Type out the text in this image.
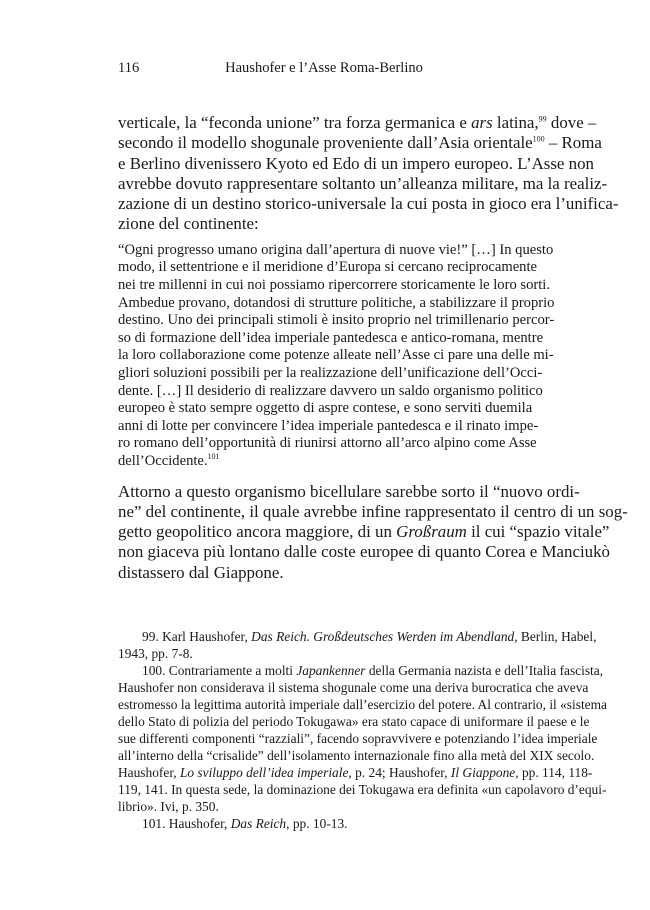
116	Haushofer e l’Asse Roma-Berlino
verticale, la “feconda unione” tra forza germanica e ars latina,$^{99}$ dove –
secondo il modello shogunale proveniente dall’Asia orientale$^{100}$ – Roma
e Berlino divenissero Kyoto ed Edo di un impero europeo. L’Asse non
avrebbe dovuto rappresentare soltanto un’alleanza militare, ma la realiz-
zazione di un destino storico-universale la cui posta in gioco era l’unifica-
zione del continente:
“Ogni progresso umano origina dall’apertura di nuove vie!” […] In questo
modo, il settentrione e il meridione d’Europa si cercano reciprocamente
nei tre millenni in cui noi possiamo ripercorrere storicamente le loro sorti.
Ambedue provano, dotandosi di strutture politiche, a stabilizzare il proprio
destino. Uno dei principali stimoli è insito proprio nel trimillenario percor-
so di formazione dell’idea imperiale pantedesca e antico-romana, mentre
la loro collaborazione come potenze alleate nell’Asse ci pare una delle mi-
gliori soluzioni possibili per la realizzazione dell’unificazione dell’Occi-
dente. […] Il desiderio di realizzare davvero un saldo organismo politico
europeo è stato sempre oggetto di aspre contese, e sono serviti duemila
anni di lotte per convincere l’idea imperiale pantedesca e il rinato impe-
ro romano dell’opportunità di riunirsi attorno all’arco alpino come Asse
dell’Occidente.$^{101}$
Attorno a questo organismo bicellulare sarebbe sorto il “nuovo ordi-
ne” del continente, il quale avrebbe infine rappresentato il centro di un sog-
getto geopolitico ancora maggiore, di un Großraum il cui “spazio vitale”
non giaceva più lontano dalle coste europee di quanto Corea e Manciukò
distassero dal Giappone.
99. Karl Haushofer, Das Reich. Großdeutsches Werden im Abendland, Berlin, Habel,
1943, pp. 7-8.
100. Contrariamente a molti Japankenner della Germania nazista e dell’Italia fascista,
Haushofer non considerava il sistema shogunale come una deriva burocratica che aveva
estromesso la legittima autorità imperiale dall’esercizio del potere. Al contrario, il «sistema
dello Stato di polizia del periodo Tokugawa» era stato capace di uniformare il paese e le
sue differenti componenti “razziali”, facendo sopravvivere e potenziando l’idea imperiale
all’interno della “crisalide” dell’isolamento internazionale fino alla metà del XIX secolo.
Haushofer, Lo sviluppo dell’idea imperiale, p. 24; Haushofer, Il Giappone, pp. 114, 118-
119, 141. In questa sede, la dominazione dei Tokugawa era definita «un capolavoro d’equi-
librio». Ivi, p. 350.
101. Haushofer, Das Reich, pp. 10-13.
